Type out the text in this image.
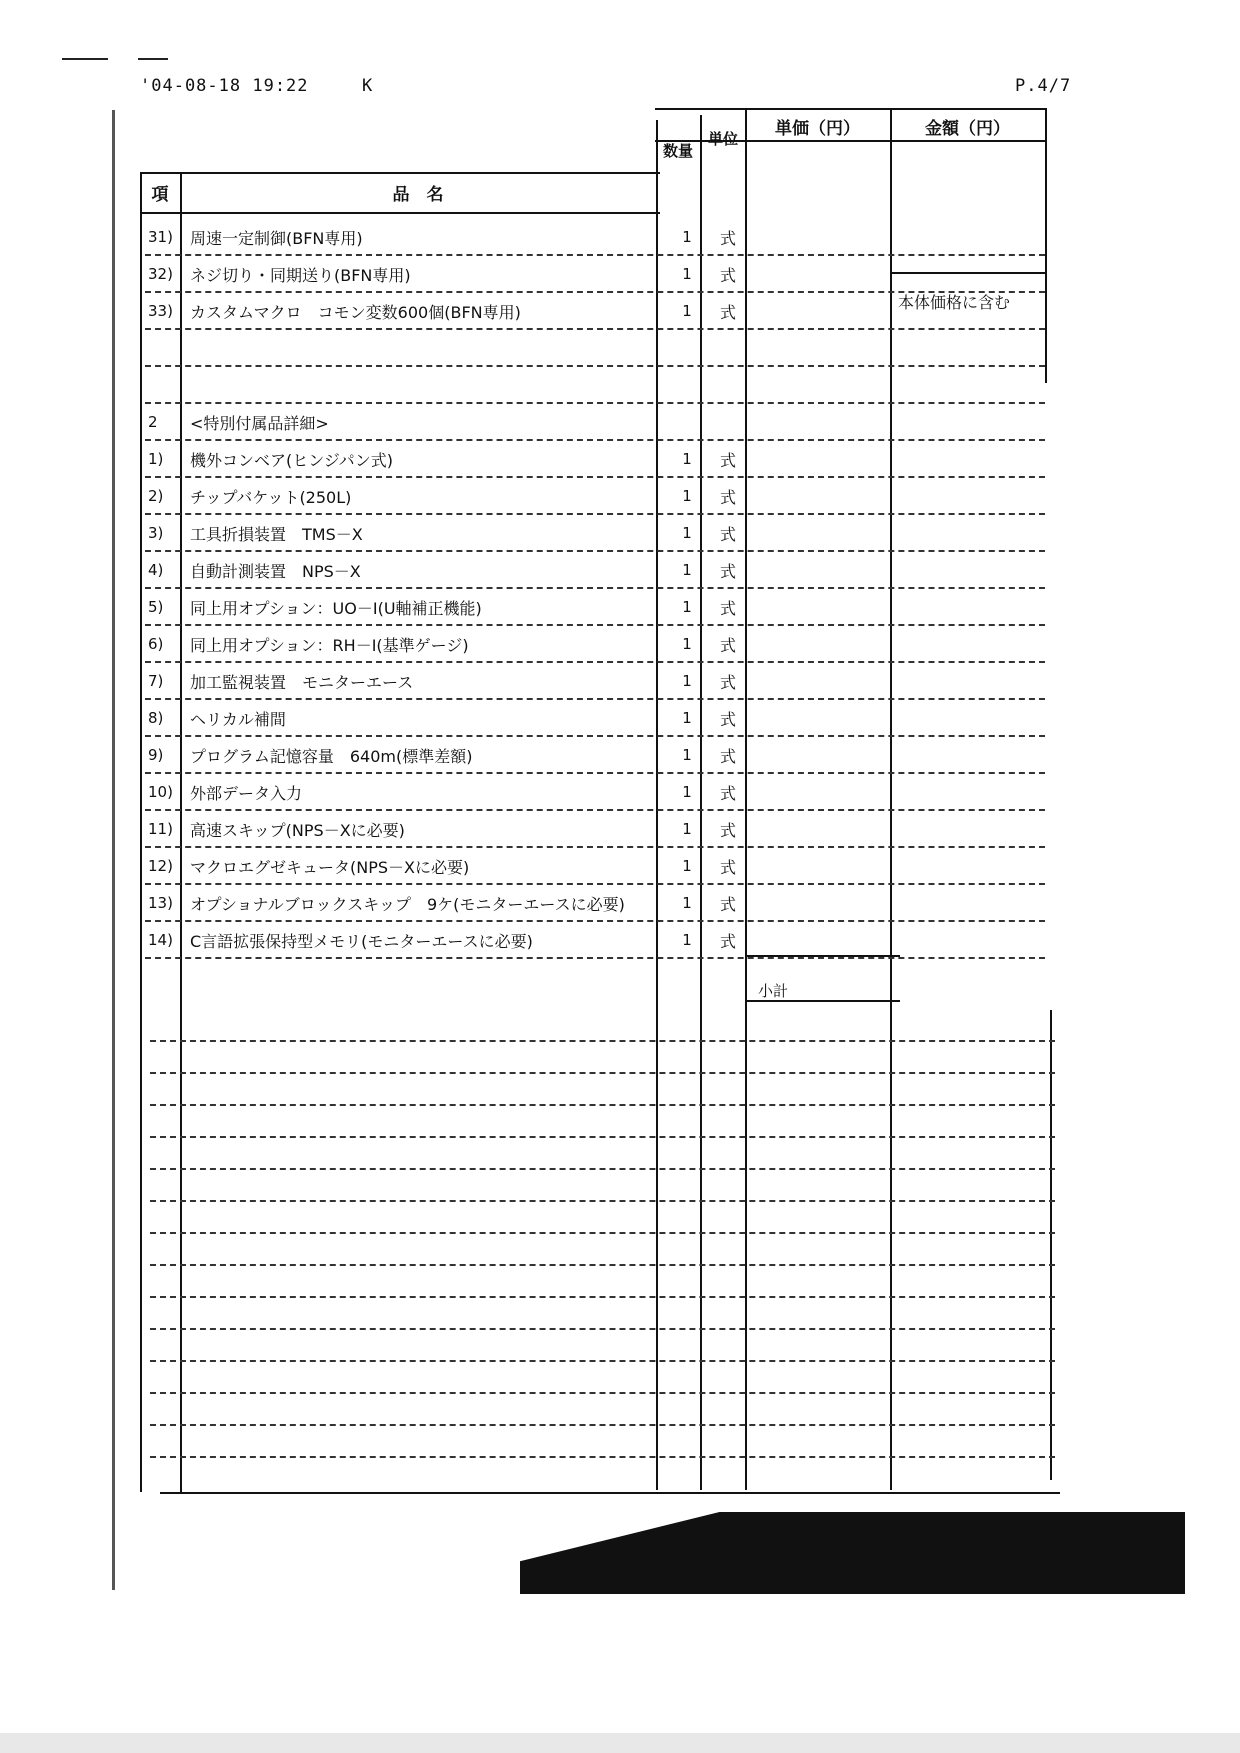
'04-08-18 19:22	K	P.4/7
項	品　名
数量
単位	単価（円）	金額（円）
31)	周速一定制御(BFN専用)	1	式
32)	ネジ切り・同期送り(BFN専用)	1	式
33)	カスタムマクロ　コモン変数600個(BFN専用)	1	式
2	<特別付属品詳細>
1)	機外コンベア(ヒンジパン式)	1	式
2)	チップバケット(250L)	1	式
3)	工具折損装置　TMS－X	1	式
4)	自動計測装置　NPS－X	1	式
5)	同上用オプション：UO－Ⅰ(U軸補正機能)	1	式
6)	同上用オプション：RH－Ⅰ(基準ゲージ)	1	式
7)	加工監視装置　モニターエース	1	式
8)	ヘリカル補間	1	式
9)	プログラム記憶容量　640m(標準差額)	1	式
10)	外部データ入力	1	式
11)	高速スキップ(NPS－Xに必要)	1	式
12)	マクロエグゼキュータ(NPS－Xに必要)	1	式
13)	オプショナルブロックスキップ　9ケ(モニターエースに必要)	1	式
14)	C言語拡張保持型メモリ(モニターエースに必要)	1	式
本体価格に含む
小計
